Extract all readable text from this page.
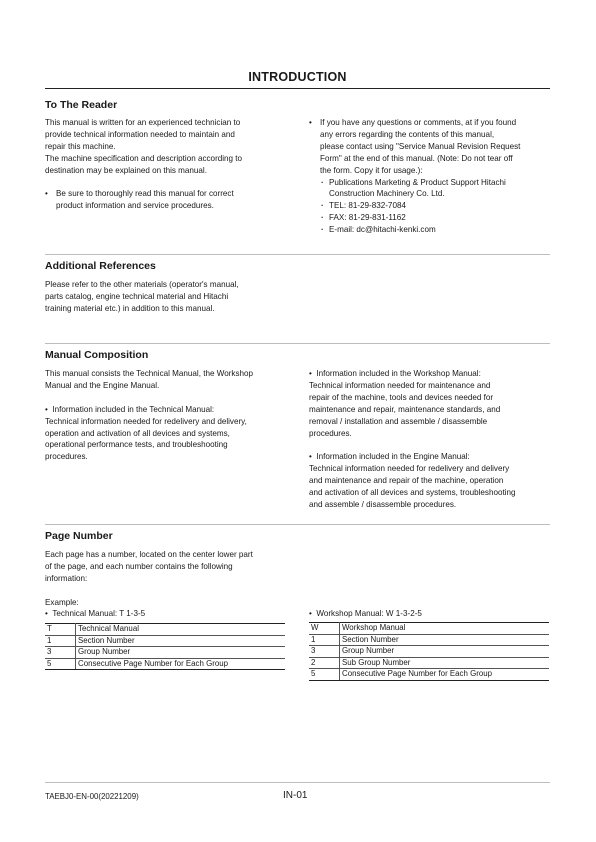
INTRODUCTION
To The Reader

This manual is written for an experienced technician to

provide technical information needed to maintain and

repair this machine.

The machine specification and description according to

destination may be explained on this manual.

• Be sure to thoroughly read this manual for correct

product information and service procedures.

• If you have any questions or comments, at if you found

any errors regarding the contents of this manual,

please contact using "Service Manual Revision Request

Form" at the end of this manual. (Note: Do not tear off

the form. Copy it for usage.):

· Publications Marketing & Product Support Hitachi

Construction Machinery Co. Ltd.

· TEL: 81-29-832-7084

· FAX: 81-29-831-1162

· E-mail: dc@hitachi-kenki.com

Additional References

Please refer to the other materials (operator's manual,

parts catalog, engine technical material and Hitachi

training material etc.) in addition to this manual.

Manual Composition

This manual consists the Technical Manual, the Workshop

Manual and the Engine Manual.

•  Information included in the Technical Manual:

Technical information needed for redelivery and delivery,

operation and activation of all devices and systems,

operational performance tests, and troubleshooting

procedures.

•  Information included in the Workshop Manual:

Technical information needed for maintenance and

repair of the machine, tools and devices needed for

maintenance and repair, maintenance standards, and

removal / installation and assemble / disassemble

procedures.

•  Information included in the Engine Manual:

Technical information needed for redelivery and delivery

and maintenance and repair of the machine, operation

and activation of all devices and systems, troubleshooting

and assemble / disassemble procedures.

Page Number

Each page has a number, located on the center lower part

of the page, and each number contains the following

information:

Example:
•  Technical Manual: T 1-3-5
T	Technical Manual
1	Section Number
3	Group Number
5	Consecutive Page Number for Each Group
•  Workshop Manual: W 1-3-2-5
W	Workshop Manual
1	Section Number
3	Group Number
2	Sub Group Number
5	Consecutive Page Number for Each Group
TAEBJ0-EN-00(20221209)	IN-01
